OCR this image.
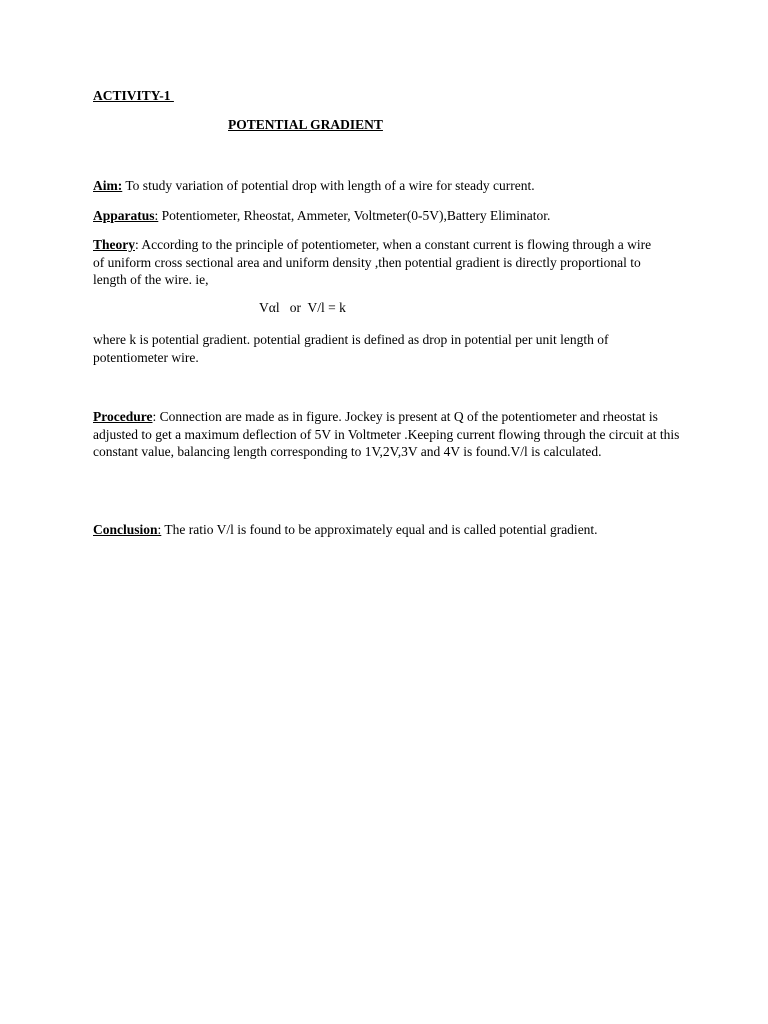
ACTIVITY-1
POTENTIAL GRADIENT
Aim: To study variation of potential drop with length of a wire for steady current.
Apparatus: Potentiometer, Rheostat, Ammeter, Voltmeter(0-5V),Battery Eliminator.
Theory: According to the principle of potentiometer, when a constant current is flowing through a wire of uniform cross sectional area and uniform density ,then potential gradient is directly proportional to length of the wire. ie,
Vαl   or  V/l = k
where k is potential gradient. potential gradient is defined as drop in potential per unit length of potentiometer wire.
Procedure: Connection are made as in figure. Jockey is present at Q of the potentiometer and rheostat is adjusted to get a maximum deflection of 5V in Voltmeter .Keeping current flowing through the circuit at this constant value, balancing length corresponding to 1V,2V,3V and 4V is found.V/l is calculated.
Conclusion: The ratio V/l is found to be approximately equal and is called potential gradient.
